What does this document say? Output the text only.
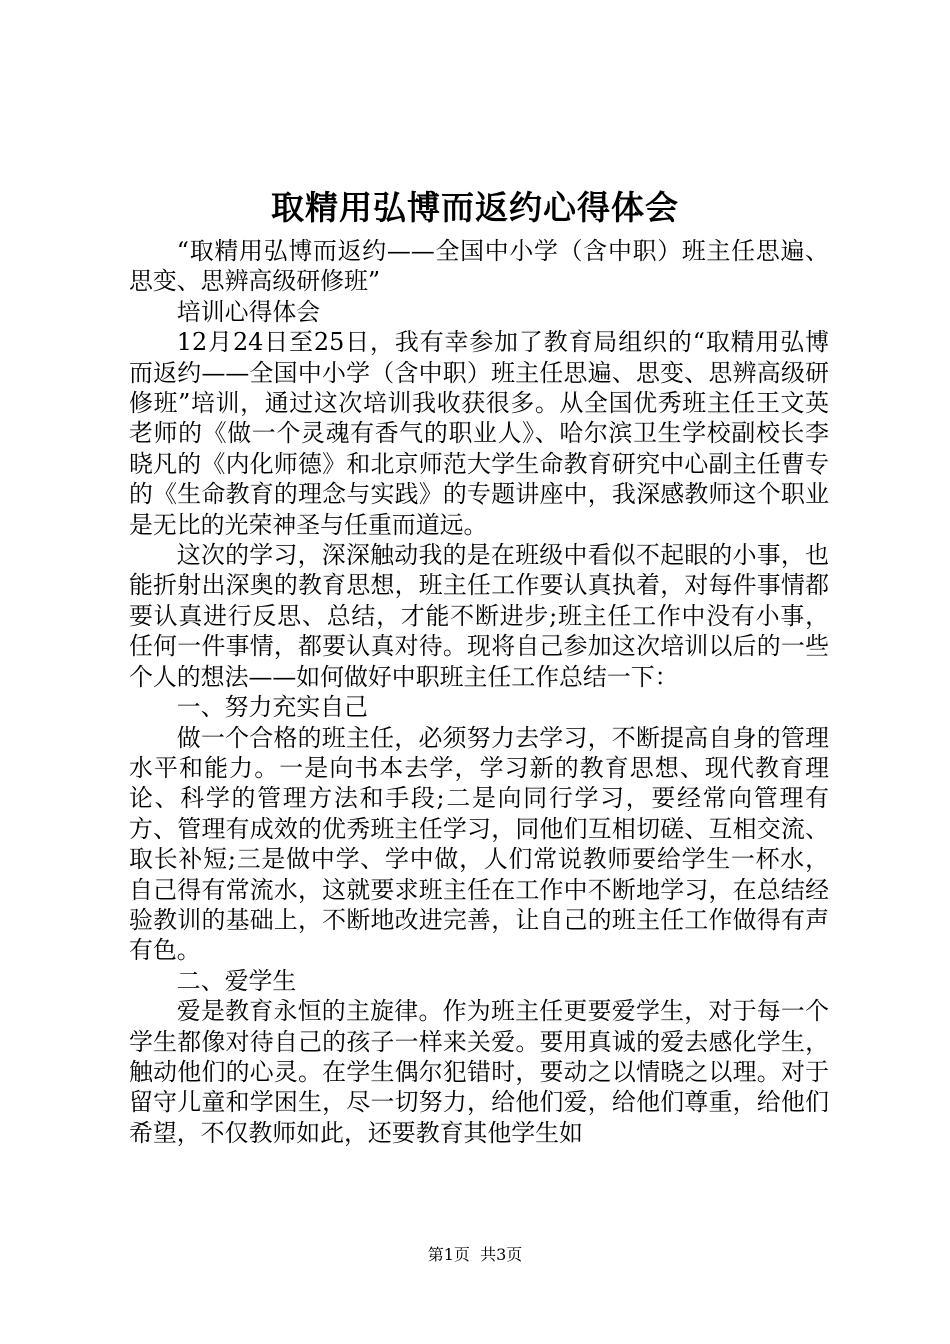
取精用弘博而返约心得体会

“取精用弘博而返约——全国中小学（含中职）班主任思遍、思变、思辨高级研修班”

培训心得体会

12月24日至25日，我有幸参加了教育局组织的“取精用弘博而返约——全国中小学（含中职）班主任思遍、思变、思辨高级研修班”培训，通过这次培训我收获很多。从全国优秀班主任王文英老师的《做一个灵魂有香气的职业人》、哈尔滨卫生学校副校长李晓凡的《内化师德》和北京师范大学生命教育研究中心副主任曹专的《生命教育的理念与实践》的专题讲座中，我深感教师这个职业是无比的光荣神圣与任重而道远。

这次的学习，深深触动我的是在班级中看似不起眼的小事，也能折射出深奥的教育思想，班主任工作要认真执着，对每件事情都要认真进行反思、总结，才能不断进步;班主任工作中没有小事，任何一件事情，都要认真对待。现将自己参加这次培训以后的一些个人的想法——如何做好中职班主任工作总结一下：

一、努力充实自己

做一个合格的班主任，必须努力去学习，不断提高自身的管理水平和能力。一是向书本去学，学习新的教育思想、现代教育理论、科学的管理方法和手段;二是向同行学习，要经常向管理有方、管理有成效的优秀班主任学习，同他们互相切磋、互相交流、取长补短;三是做中学、学中做，人们常说教师要给学生一杯水，自己得有常流水，这就要求班主任在工作中不断地学习，在总结经验教训的基础上，不断地改进完善，让自己的班主任工作做得有声有色。

二、爱学生

爱是教育永恒的主旋律。作为班主任更要爱学生，对于每一个学生都像对待自己的孩子一样来关爱。要用真诚的爱去感化学生，触动他们的心灵。在学生偶尔犯错时，要动之以情晓之以理。对于留守儿童和学困生，尽一切努力，给他们爱，给他们尊重，给他们希望，不仅教师如此，还要教育其他学生如

第1页 共3页
